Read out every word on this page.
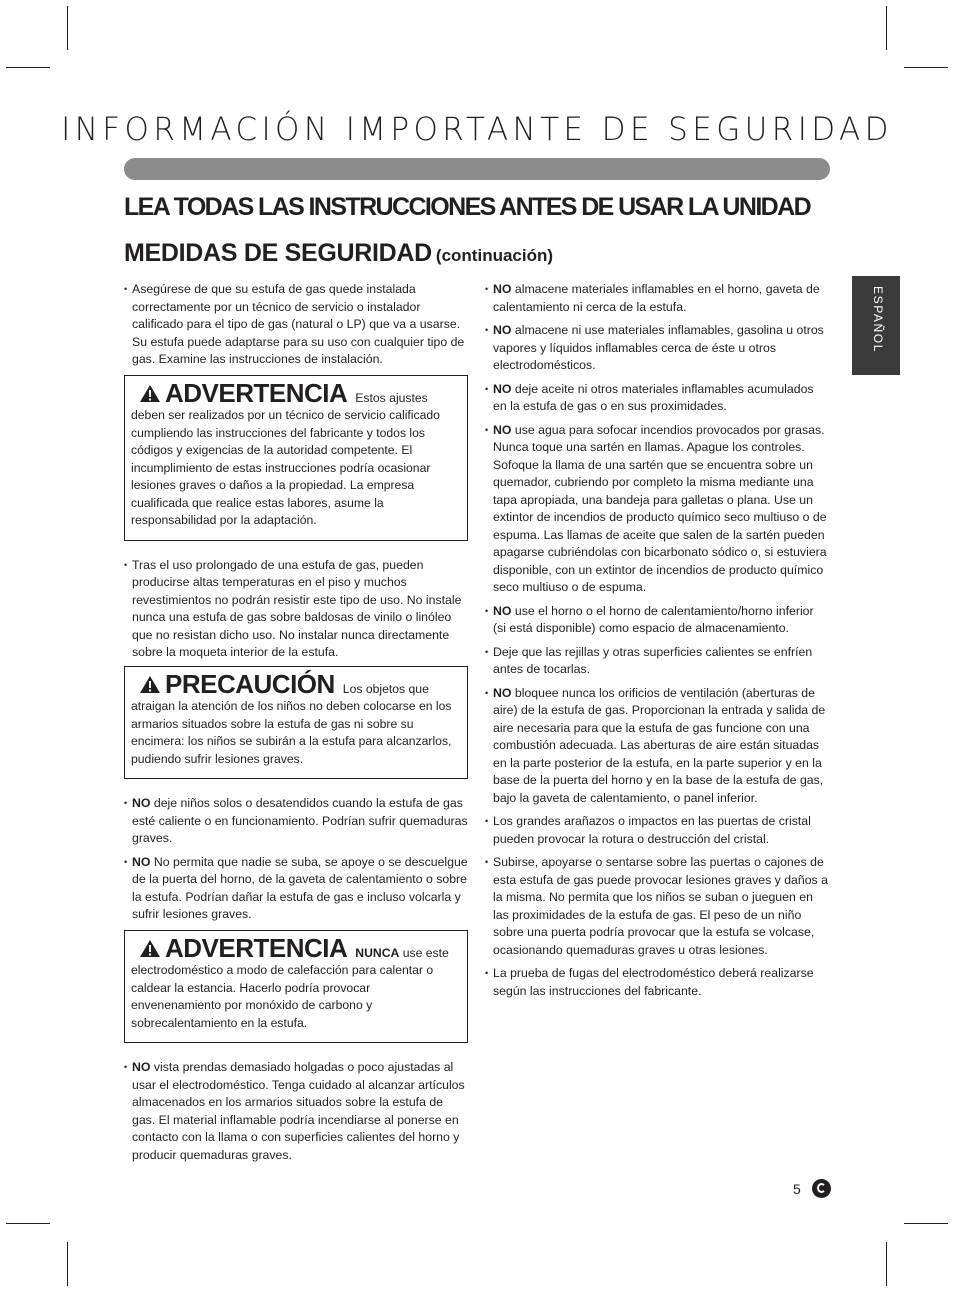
INFORMACIÓN IMPORTANTE DE SEGURIDAD
LEA TODAS LAS INSTRUCCIONES ANTES DE USAR LA UNIDAD
MEDIDAS DE SEGURIDAD (continuación)
ESPAÑOL
• Asegúrese de que su estufa de gas quede instalada correctamente por un técnico de servicio o instalador calificado para el tipo de gas (natural o LP) que va a usarse. Su estufa puede adaptarse para su uso con cualquier tipo de gas. Examine las instrucciones de instalación.
ADVERTENCIA Estos ajustes
deben ser realizados por un técnico de servicio calificado cumpliendo las instrucciones del fabricante y todos los códigos y exigencias de la autoridad competente. El incumplimiento de estas instrucciones podría ocasionar lesiones graves o daños a la propiedad. La empresa cualificada que realice estas labores, asume la responsabilidad por la adaptación.
• Tras el uso prolongado de una estufa de gas, pueden producirse altas temperaturas en el piso y muchos revestimientos no podrán resistir este tipo de uso. No instale nunca una estufa de gas sobre baldosas de vinilo o linóleo que no resistan dicho uso. No instalar nunca directamente sobre la moqueta interior de la estufa.
PRECAUCIÓN Los objetos que
atraigan la atención de los niños no deben colocarse en los armarios situados sobre la estufa de gas ni sobre su encimera: los niños se subirán a la estufa para alcanzarlos, pudiendo sufrir lesiones graves.
• NO deje niños solos o desatendidos cuando la estufa de gas esté caliente o en funcionamiento. Podrían sufrir quemaduras graves.
• NO No permita que nadie se suba, se apoye o se descuelgue de la puerta del horno, de la gaveta de calentamiento o sobre la estufa. Podrían dañar la estufa de gas e incluso volcarla y sufrir lesiones graves.
ADVERTENCIA NUNCA use este
electrodoméstico a modo de calefacción para calentar o caldear la estancia. Hacerlo podría provocar envenenamiento por monóxido de carbono y sobrecalentamiento en la estufa.
• NO vista prendas demasiado holgadas o poco ajustadas al usar el electrodoméstico. Tenga cuidado al alcanzar artículos almacenados en los armarios situados sobre la estufa de gas. El material inflamable podría incendiarse al ponerse en contacto con la llama o con superficies calientes del horno y producir quemaduras graves.
• NO almacene materiales inflamables en el horno, gaveta de calentamiento ni cerca de la estufa.
• NO almacene ni use materiales inflamables, gasolina u otros vapores y líquidos inflamables cerca de éste u otros electrodomésticos.
• NO deje aceite ni otros materiales inflamables acumulados en la estufa de gas o en sus proximidades.
• NO use agua para sofocar incendios provocados por grasas. Nunca toque una sartén en llamas. Apague los controles. Sofoque la llama de una sartén que se encuentra sobre un quemador, cubriendo por completo la misma mediante una tapa apropiada, una bandeja para galletas o plana. Use un extintor de incendios de producto químico seco multiuso o de espuma. Las llamas de aceite que salen de la sartén pueden apagarse cubriéndolas con bicarbonato sódico o, si estuviera disponible, con un extintor de incendios de producto químico seco multiuso o de espuma.
• NO use el horno o el horno de calentamiento/horno inferior (si está disponible) como espacio de almacenamiento.
• Deje que las rejillas y otras superficies calientes se enfríen antes de tocarlas.
• NO bloquee nunca los orificios de ventilación (aberturas de aire) de la estufa de gas. Proporcionan la entrada y salida de aire necesaria para que la estufa de gas funcione con una combustión adecuada. Las aberturas de aire están situadas en la parte posterior de la estufa, en la parte superior y en la base de la puerta del horno y en la base de la estufa de gas, bajo la gaveta de calentamiento, o panel inferior.
• Los grandes arañazos o impactos en las puertas de cristal pueden provocar la rotura o destrucción del cristal.
• Subirse, apoyarse o sentarse sobre las puertas o cajones de esta estufa de gas puede provocar lesiones graves y daños a la misma. No permita que los niños se suban o jueguen en las proximidades de la estufa de gas. El peso de un niño sobre una puerta podría provocar que la estufa se volcase, ocasionando quemaduras graves u otras lesiones.
• La prueba de fugas del electrodoméstico deberá realizarse según las instrucciones del fabricante.
5
